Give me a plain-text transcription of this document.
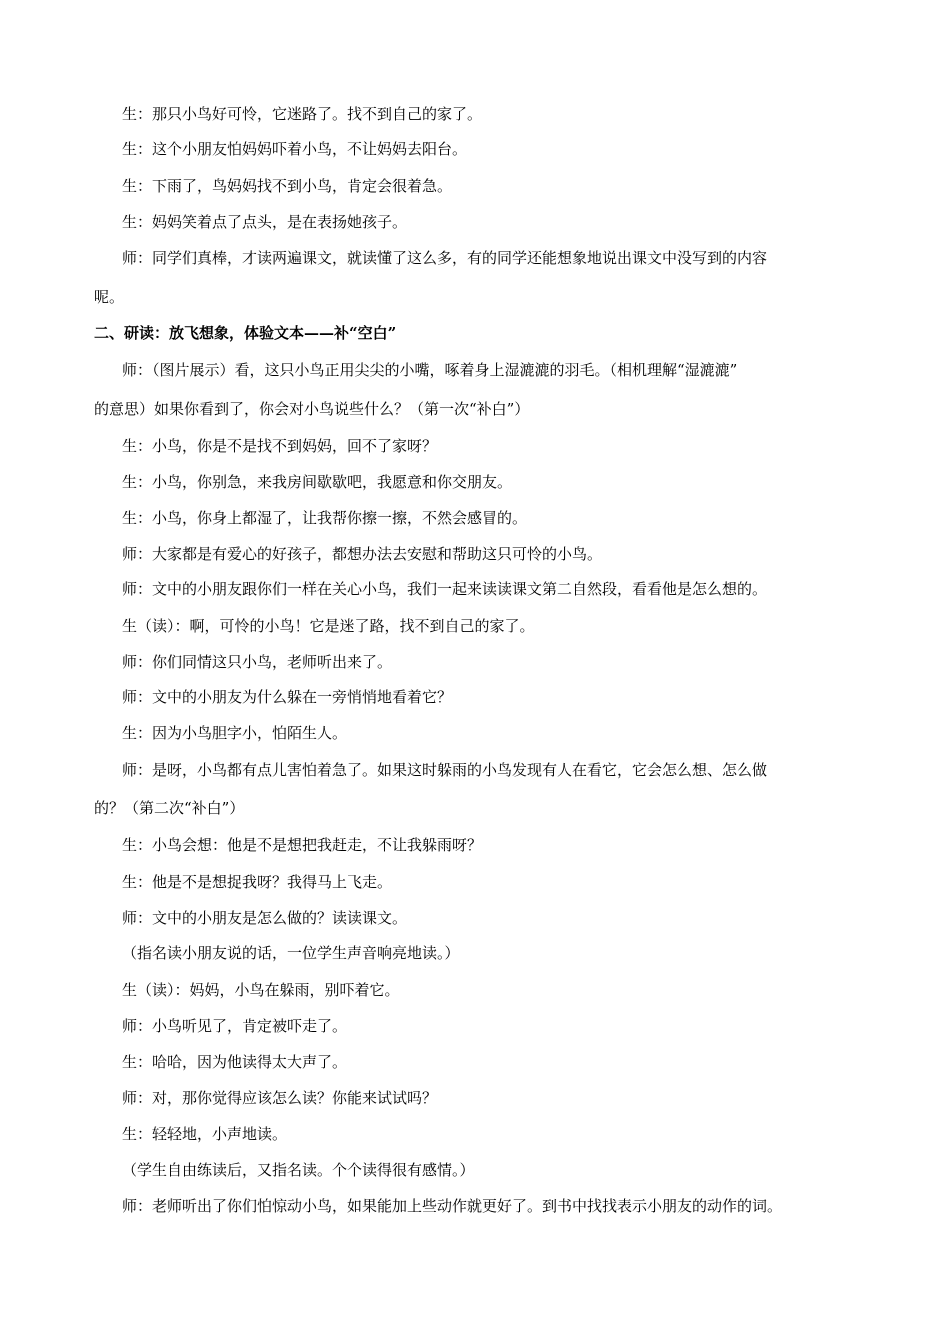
生：那只小鸟好可怜，它迷路了。找不到自己的家了。
生：这个小朋友怕妈妈吓着小鸟，不让妈妈去阳台。
生：下雨了，鸟妈妈找不到小鸟，肯定会很着急。
生：妈妈笑着点了点头，是在表扬她孩子。
师：同学们真棒，才读两遍课文，就读懂了这么多，有的同学还能想象地说出课文中没写到的内容
呢。
二、研读：放飞想象，体验文本——补“空白”
师：（图片展示）看，这只小鸟正用尖尖的小嘴，啄着身上湿漉漉的羽毛。（相机理解“湿漉漉”
的意思）如果你看到了，你会对小鸟说些什么？（第一次“补白”）
生：小鸟，你是不是找不到妈妈，回不了家呀？
生：小鸟，你别急，来我房间歇歇吧，我愿意和你交朋友。
生：小鸟，你身上都湿了，让我帮你擦一擦，不然会感冒的。
师：大家都是有爱心的好孩子，都想办法去安慰和帮助这只可怜的小鸟。
师：文中的小朋友跟你们一样在关心小鸟，我们一起来读读课文第二自然段，看看他是怎么想的。
生（读）：啊，可怜的小鸟！它是迷了路，找不到自己的家了。
师：你们同情这只小鸟，老师听出来了。
师：文中的小朋友为什么躲在一旁悄悄地看着它？
生：因为小鸟胆字小，怕陌生人。
师：是呀，小鸟都有点儿害怕着急了。如果这时躲雨的小鸟发现有人在看它，它会怎么想、怎么做
的？（第二次“补白”）
生：小鸟会想：他是不是想把我赶走，不让我躲雨呀？
生：他是不是想捉我呀？我得马上飞走。
师：文中的小朋友是怎么做的？读读课文。
（指名读小朋友说的话，一位学生声音响亮地读。）
生（读）：妈妈，小鸟在躲雨，别吓着它。
师：小鸟听见了，肯定被吓走了。
生：哈哈，因为他读得太大声了。
师：对，那你觉得应该怎么读？你能来试试吗？
生：轻轻地，小声地读。
（学生自由练读后，又指名读。个个读得很有感情。）
师：老师听出了你们怕惊动小鸟，如果能加上些动作就更好了。到书中找找表示小朋友的动作的词。
